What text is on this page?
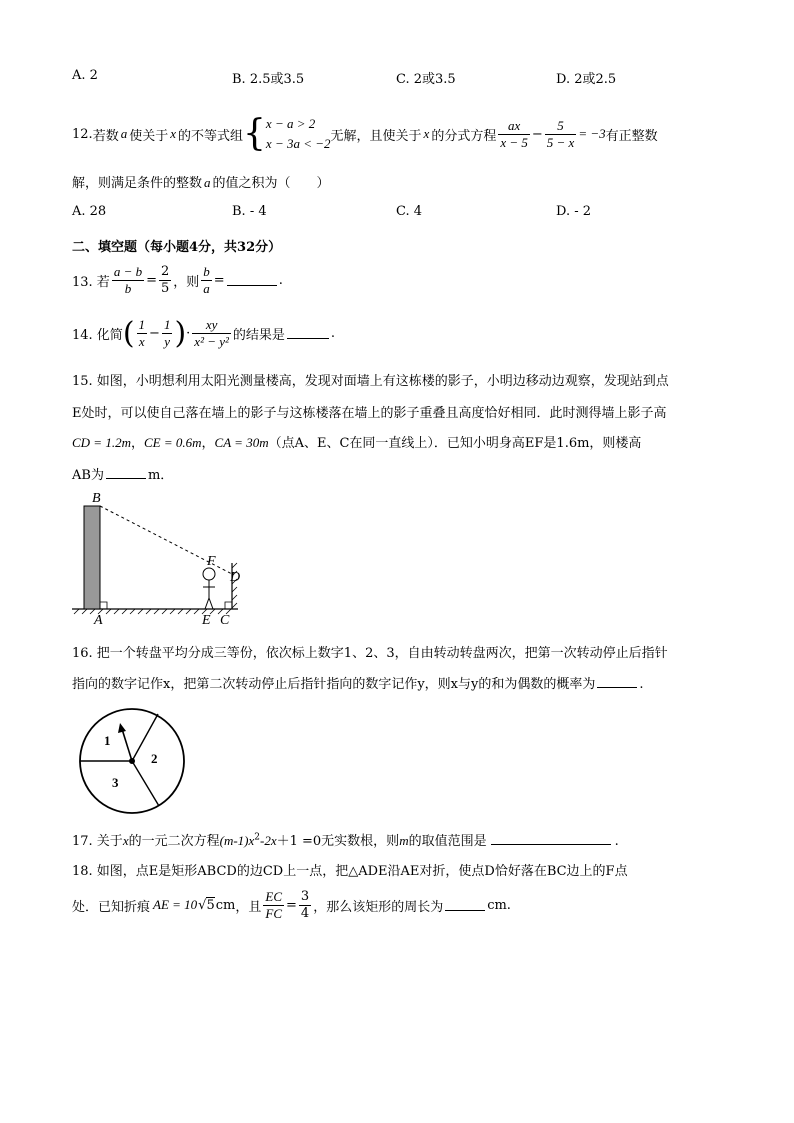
A. 2	B. 2.5或3.5	C. 2或3.5	D. 2或2.5
12. 若数 a 使关于 x 的不等式组 { x − a > 2
x − 3a < −2 无解，且使关于 x 的分式方程 $\frac{ax}{x - 5} - \frac{5}{5 - x} = -3$ 有正整数
解，则满足条件的整数 a 的值之积为（　　）
A. 28	B. - 4	C. 4	D. - 2
二、填空题（每小题4分，共32分）
13. 若 $\frac{a - b}{b} = \frac{2}{5}$ ，则 $\frac{b}{a}$ =	.
14. 化简 ( $\frac{1}{x} - \frac{1}{y}$ ) · $\frac{xy}{\text{x² − y²}}$ 的结果是	.
15. 如图，小明想利用太阳光测量楼高，发现对面墙上有这栋楼的影子，小明边移动边观察，发现站到点
E处时，可以使自己落在墙上的影子与这栋楼落在墙上的影子重叠且高度恰好相同．此时测得墙上影子高
CD = 1.2m，CE = 0.6m，CA = 30m（点A、E、C在同一直线上）．已知小明身高EF是1.6m，则楼高
AB为	m．
B
F
D
A	E C
16. 把一个转盘平均分成三等份，依次标上数字1、2、3，自由转动转盘两次，把第一次转动停止后指针
指向的数字记作x，把第二次转动停止后指针指向的数字记作y，则x与y的和为偶数的概率为	.
1
2
3
17. 关于x的一元二次方程$(m-1)x^2-2x+1 =0$无实数根，则m的取值范围是	.
18. 如图，点E是矩形ABCD的边CD上一点，把△ADE沿AE对折，使点D恰好落在BC边上的F点
处．已知折痕 AE = 10 √ 5 cm ，且 $\frac{EC}{FC} = \frac{3}{4}$ ，那么该矩形的周长为	cm.
